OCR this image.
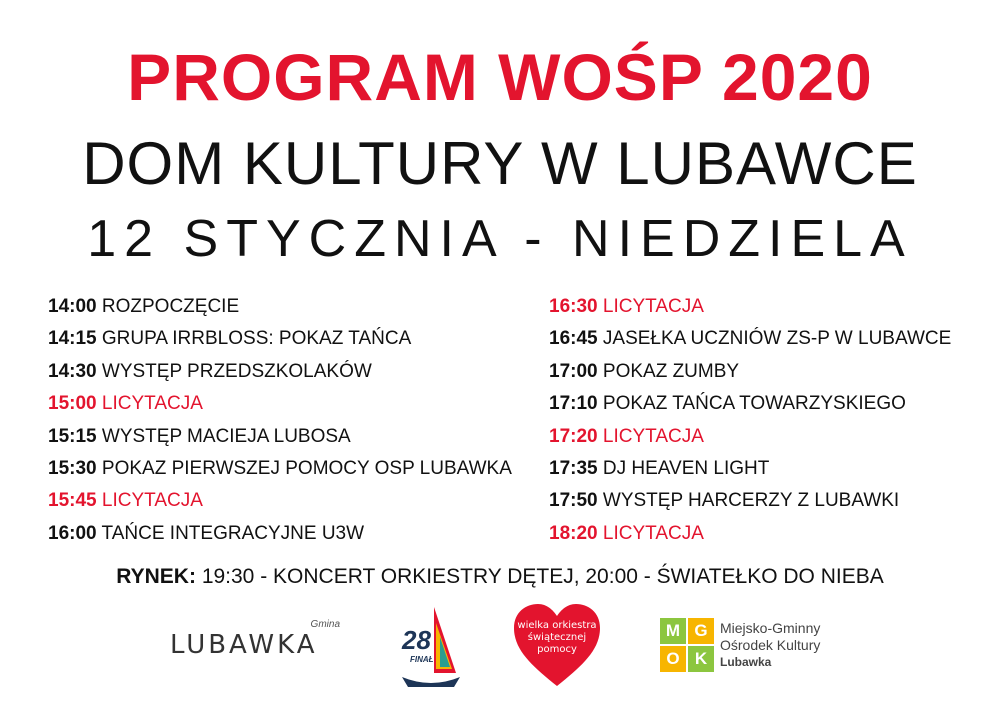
PROGRAM WOŚP 2020
DOM KULTURY W LUBAWCE
12 STYCZNIA - NIEDZIELA
14:00 ROZPOCZĘCIE
14:15 GRUPA IRRBLOSS: POKAZ TAŃCA
14:30 WYSTĘP PRZEDSZKOLAKÓW
15:00 LICYTACJA
15:15 WYSTĘP MACIEJA LUBOSA
15:30 POKAZ PIERWSZEJ POMOCY OSP LUBAWKA
15:45 LICYTACJA
16:00 TAŃCE INTEGRACYJNE U3W
16:30 LICYTACJA
16:45 JASEŁKA UCZNIÓW ZS-P W LUBAWCE
17:00 POKAZ ZUMBY
17:10 POKAZ TAŃCA TOWARZYSKIEGO
17:20 LICYTACJA
17:35 DJ HEAVEN LIGHT
17:50 WYSTĘP HARCERZY Z LUBAWKI
18:20 LICYTACJA
RYNEK: 19:30 - KONCERT ORKIESTRY DĘTEJ, 20:00 - ŚWIATEŁKO DO NIEBA
Gmina
LUBAWKA	28
FINAŁ
wielka orkiestra
świątecznej
pomocy
M G
O K
Miejsko-Gminny
Ośrodek Kultury
Lubawka
